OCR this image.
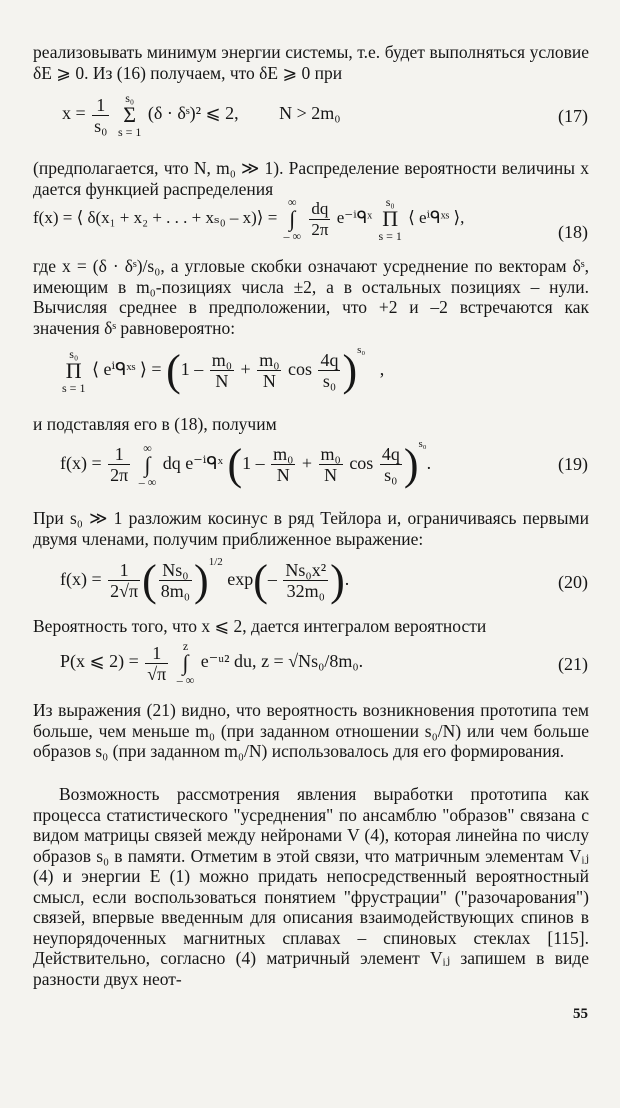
реализовывать минимум энергии системы, т.е. будет выполняться условие δE ⩾ 0. Из (16) получаем, что δE ⩾ 0 при

$x = \frac{1}{\text{s₀}}$
	s₀
Σ
s = 1
(δ · δˢ)² ⩽ 2, N > 2m₀	(17)

(предполагается, что N, m₀ ≫ 1). Распределение вероятности величины x дается функцией распределения

f(x) = ⟨ δ(x₁ + x₂ + . . . + xₛ₀ – x)⟩ =
∞
∫
– ∞
$\frac{dq}{2\pi}$ e⁻ⁱᑫˣ
s₀
Π
s = 1
⟨ eⁱᑫˣˢ ⟩,
(18)

где x = (δ · δˢ)/s₀, а угловые скобки означают усреднение по векторам δˢ, имеющим в m₀-позициях числа ±2, а в остальных позициях – нули. Вычисляя среднее в предположении, что +2 и –2 встречаются как значения δˢ равновероятно:

s₀
Π
s = 1
⟨ eⁱᑫˣˢ ⟩ = ($1 - \frac{\text{m₀}}{N} + \frac{\text{m₀}}{N}$ $\cos \frac{4q}{\text{s₀}} )^{s_0}$ ,

и подставляя его в (18), получим

$f(x) = \frac{1}{2\pi}$
	∞
∫
– ∞
dq e⁻ⁱᑫˣ ($1 - \frac{\text{m₀}}{N} + \frac{\text{m₀}}{N}$ $\cos \frac{4q}{\text{s₀}} )^{s_0}$.	(19)

При s₀ ≫ 1 разложим косинус в ряд Тейлора и, ограничиваясь первыми двумя членами, получим приближенное выражение:

$f(x) = \frac{1}{2√\pi}$ ( $\frac{\text{Ns₀}}{\text{8m₀}} )^{1/2}$ $\exp(- \frac{\text{Ns₀x²}}{\text{32m₀}}$ ).	(20)

Вероятность того, что x ⩽ 2, дается интегралом вероятности

P(x ⩽ $2) = \frac{1}{√\pi}$
	z
∫
– ∞
e⁻ᵘ² du, z = √Ns₀/8m₀.	(21)

Из выражения (21) видно, что вероятность возникновения прототипа тем больше, чем меньше m₀ (при заданном отношении s₀/N) или чем больше образов s₀ (при заданном m₀/N) использовалось для его формирования.

Возможность рассмотрения явления выработки прототипа как процесса статистического "усреднения" по ансамблю "образов" связана с видом матрицы связей между нейронами V (4), которая линейна по числу образов s₀ в памяти. Отметим в этой связи, что матричным элементам Vᵢⱼ (4) и энергии E (1) можно придать непосредственный вероятностный смысл, если воспользоваться понятием "фрустрации" ("разочарования") связей, впервые введенным для описания взаимодействующих спинов в неупорядоченных магнитных сплавах – спиновых стеклах [115]. Действительно, согласно (4) матричный элемент Vᵢⱼ запишем в виде разности двух неот-

55
